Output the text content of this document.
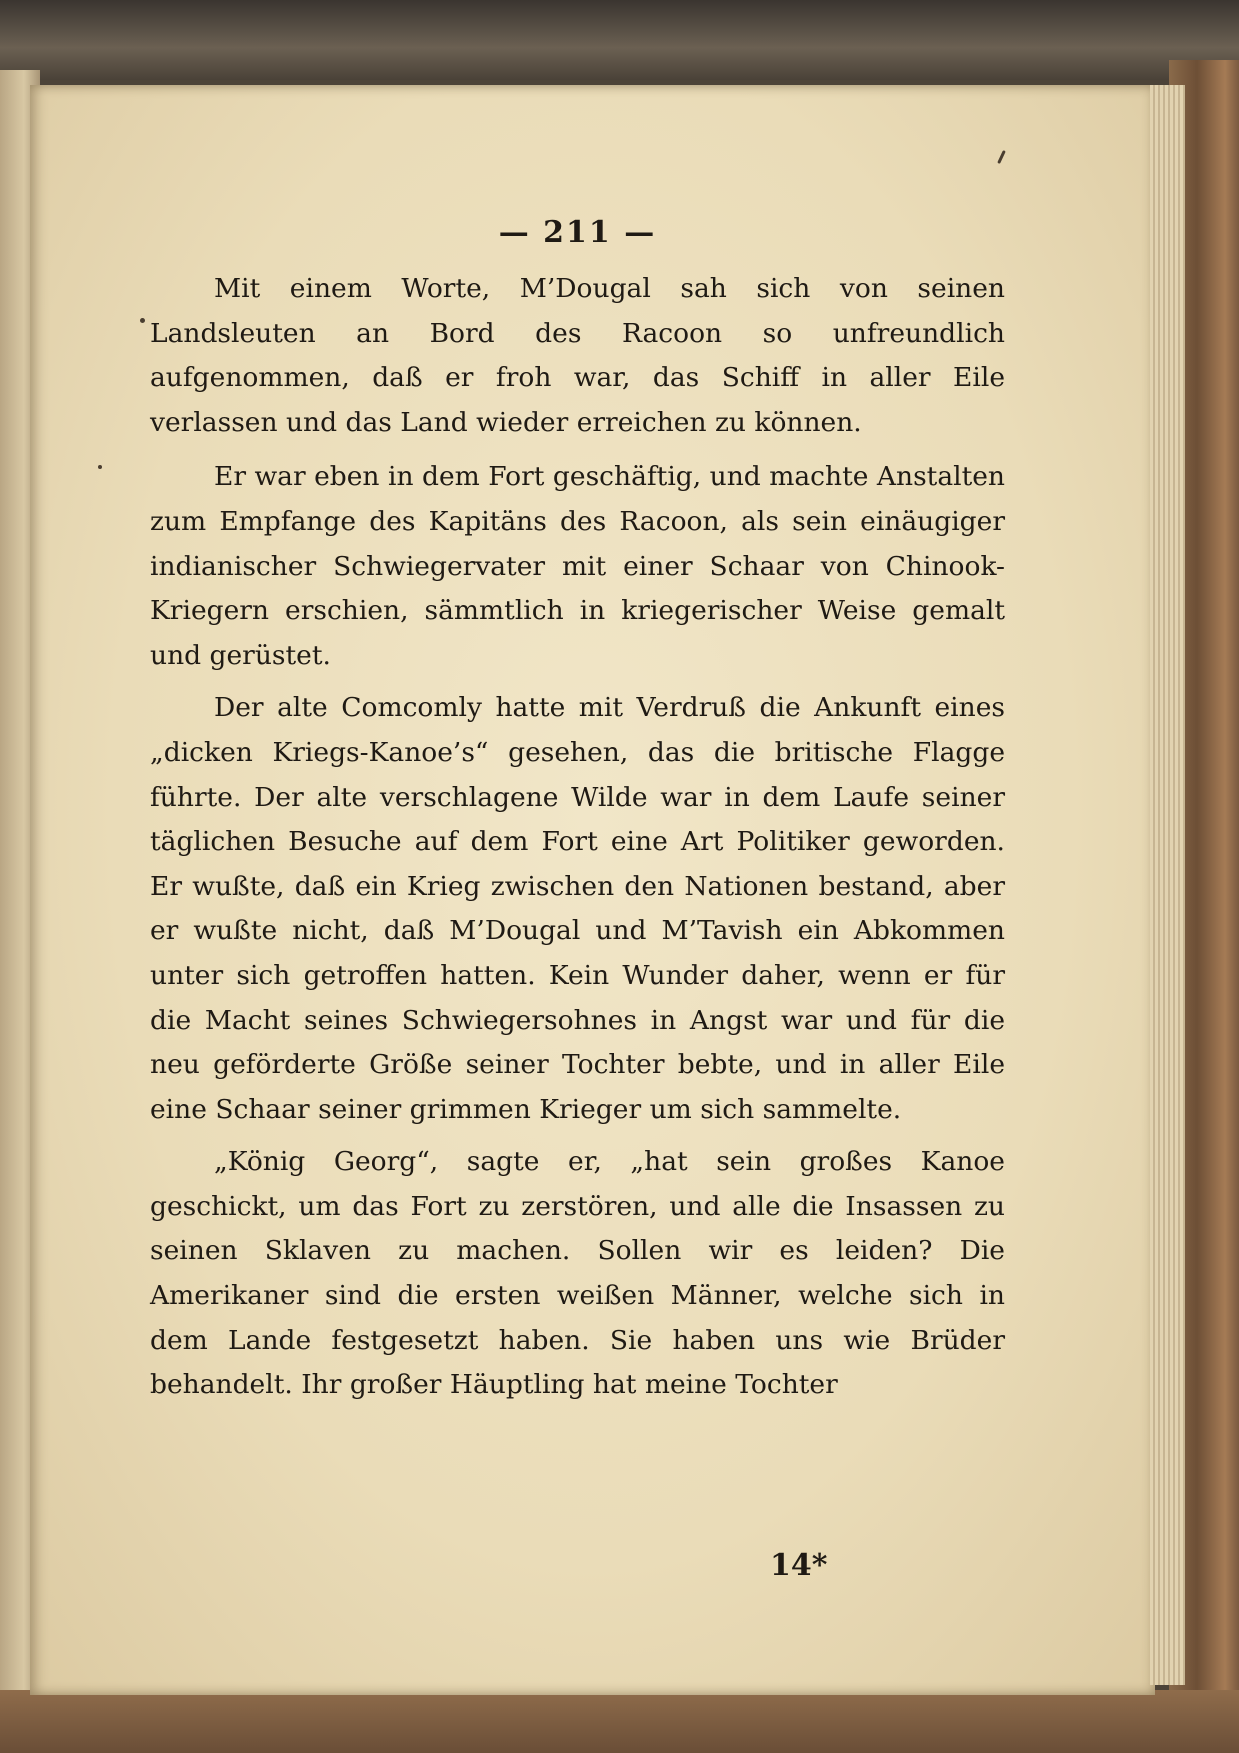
— 211 —

Mit einem Worte, M’Dougal sah sich von seinen Landsleuten an Bord des Racoon so unfreundlich aufgenommen, daß er froh war, das Schiff in aller Eile verlassen und das Land wieder erreichen zu können.

Er war eben in dem Fort geschäftig, und machte Anstalten zum Empfange des Kapitäns des Racoon, als sein einäugiger indianischer Schwiegervater mit einer Schaar von Chinook-Kriegern erschien, sämmtlich in kriegerischer Weise gemalt und gerüstet.

Der alte Comcomly hatte mit Verdruß die Ankunft eines „dicken Kriegs-Kanoe’s“ gesehen, das die britische Flagge führte. Der alte verschlagene Wilde war in dem Laufe seiner täglichen Besuche auf dem Fort eine Art Politiker geworden. Er wußte, daß ein Krieg zwischen den Nationen bestand, aber er wußte nicht, daß M’Dougal und M’Tavish ein Abkommen unter sich getroffen hatten. Kein Wunder daher, wenn er für die Macht seines Schwiegersohnes in Angst war und für die neu geförderte Größe seiner Tochter bebte, und in aller Eile eine Schaar seiner grimmen Krieger um sich sammelte.

„König Georg“, sagte er, „hat sein großes Kanoe geschickt, um das Fort zu zerstören, und alle die Insassen zu seinen Sklaven zu machen. Sollen wir es leiden? Die Amerikaner sind die ersten weißen Männer, welche sich in dem Lande festgesetzt haben. Sie haben uns wie Brüder behandelt. Ihr großer Häuptling hat meine Tochter

14*
